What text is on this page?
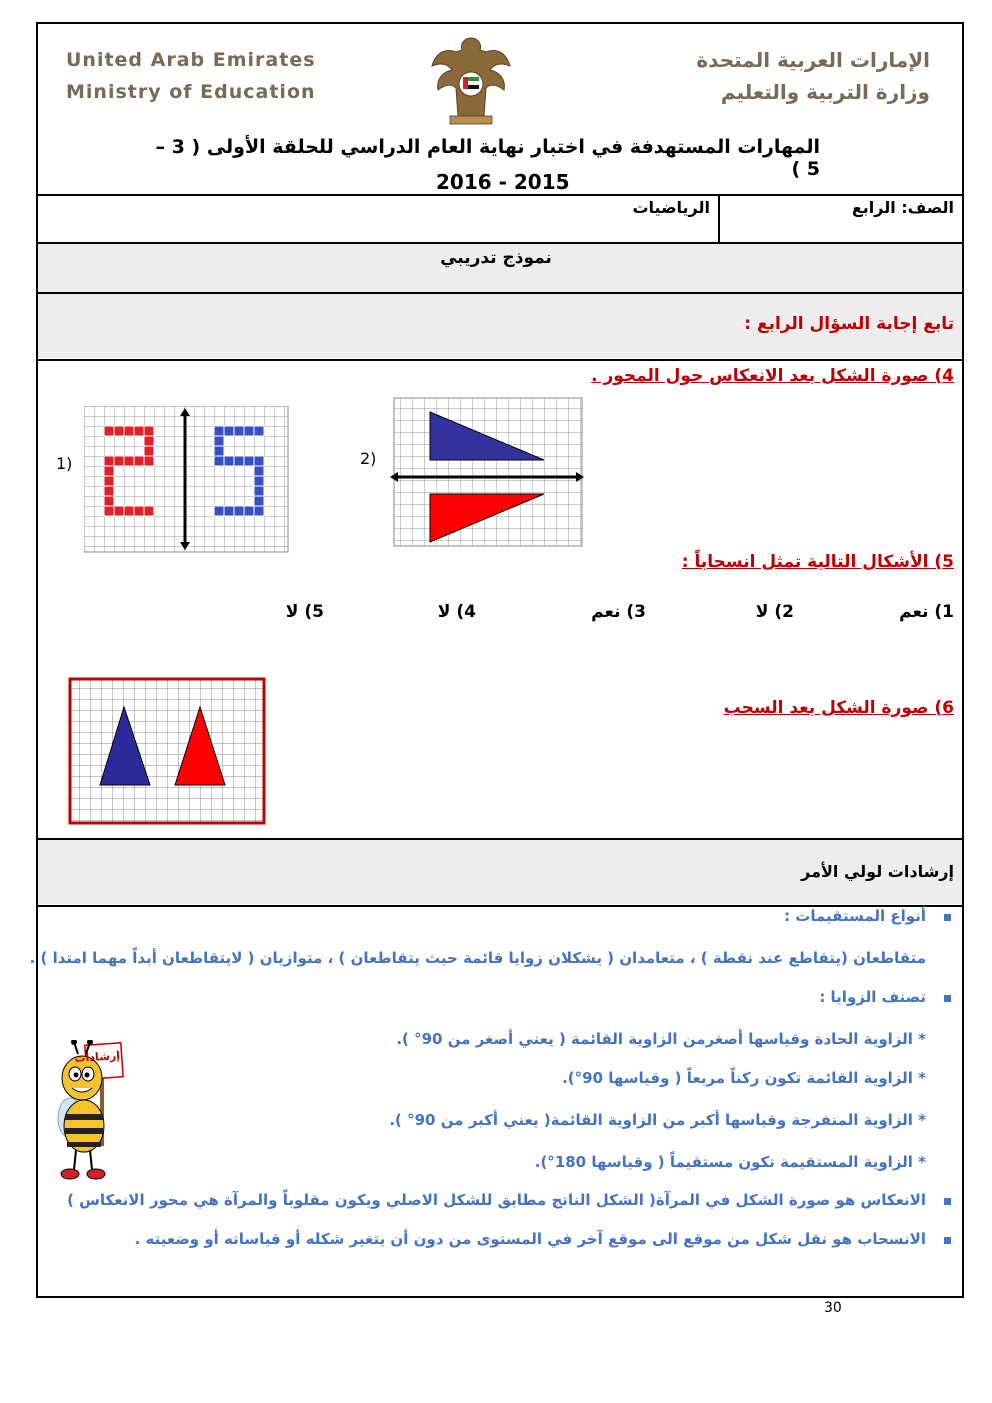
United Arab Emirates
Ministry of Education
الإمارات العربية المتحدة
وزارة التربية والتعليم
المهارات المستهدفة في اختبار نهاية العام الدراسي للحلقة الأولى ( 3 – 5 )
2016 - 2015
الصف: الرابع
الرياضيات
نموذج تدريبي
تابع إجابة السؤال الرابع :
4) صورة الشكل بعد الانعكاس حول المحور .
1)	2)
5) الأشكال التالية تمثل انسحاباً :
1) نعم
2) لا
3) نعم
4) لا
5) لا
6) صورة الشكل بعد السحب
إرشادات لولي الأمر
أنواع المستقيمات :
متقاطعان (يتقاطع عند نقطة ) ، متعامدان ( يشكلان زوايا قائمة حيث يتقاطعان ) ، متوازيان ( لايتقاطعان أبداً مهما امتدا ) .
تصنف الزوايا :
* الزاوية الحادة وقياسها أصغرمن الزاوية القائمة ( يعني أصغر من 90° ).
* الزاوية القائمة تكون ركناً مربعاً ( وقياسها 90°).
* الزاوية المنفرجة وقياسها أكبر من الزاوية القائمة( يعني أكبر من 90° ).
* الزاوية المستقيمة تكون مستقيماً ( وقياسها 180°).
الانعكاس هو صورة الشكل في المرآة( الشكل الناتج مطابق للشكل الاصلي ويكون مقلوباً والمرآة هي محور الانعكاس )
الانسحاب هو نقل شكل من موقع الى موقع آخر في المستوى من دون أن يتغير شكله أو قياساته أو وضعيته .
إرشادات
30
